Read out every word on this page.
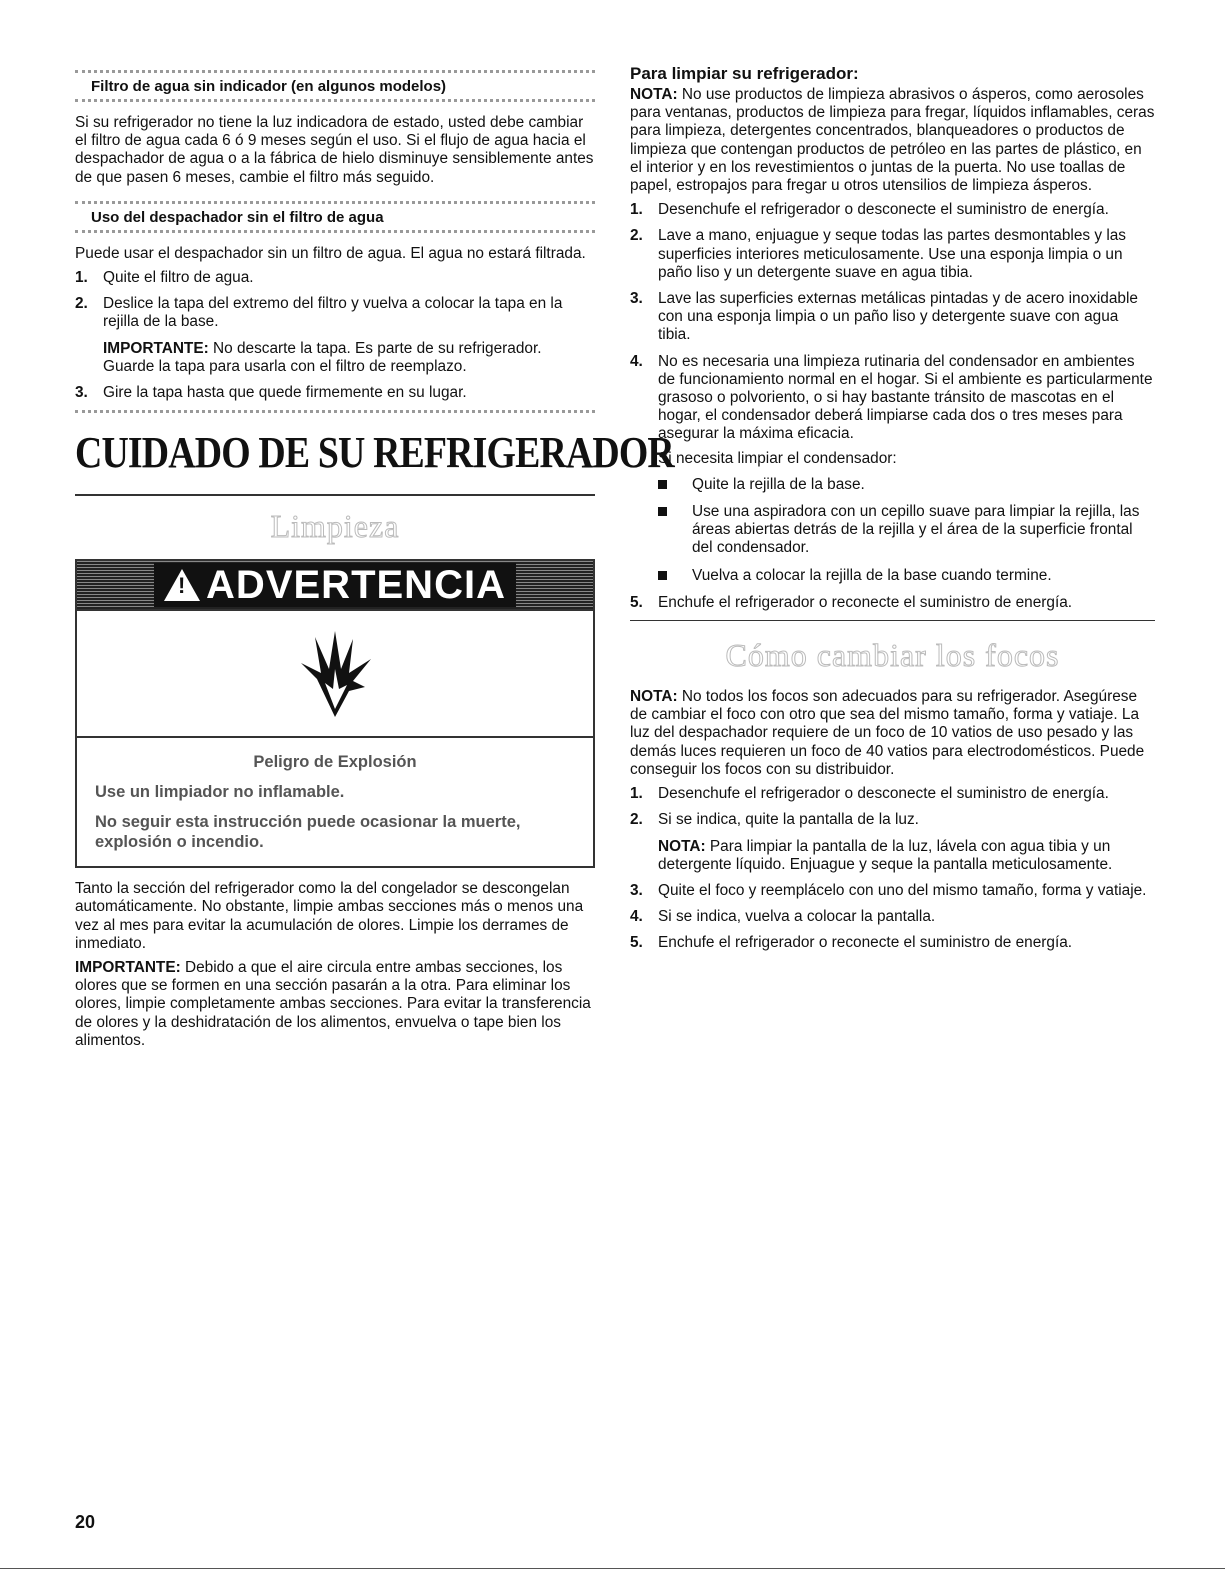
Filtro de agua sin indicador (en algunos modelos)

Si su refrigerador no tiene la luz indicadora de estado, usted debe cambiar el filtro de agua cada 6 ó 9 meses según el uso. Si el flujo de agua hacia el despachador de agua o a la fábrica de hielo disminuye sensiblemente antes de que pasen 6 meses, cambie el filtro más seguido.

Uso del despachador sin el filtro de agua

Puede usar el despachador sin un filtro de agua. El agua no estará filtrada.

1. Quite el filtro de agua.
2. Deslice la tapa del extremo del filtro y vuelva a colocar la tapa en la rejilla de la base.

IMPORTANTE: No descarte la tapa. Es parte de su refrigerador. Guarde la tapa para usarla con el filtro de reemplazo.

3. Gire la tapa hasta que quede firmemente en su lugar.
CUIDADO DE SU REFRIGERADOR
Limpieza
! ADVERTENCIA

Peligro de Explosión

Use un limpiador no inflamable.

No seguir esta instrucción puede ocasionar la muerte, explosión o incendio.

Tanto la sección del refrigerador como la del congelador se descongelan automáticamente. No obstante, limpie ambas secciones más o menos una vez al mes para evitar la acumulación de olores. Limpie los derrames de inmediato.

IMPORTANTE: Debido a que el aire circula entre ambas secciones, los olores que se formen en una sección pasarán a la otra. Para eliminar los olores, limpie completamente ambas secciones. Para evitar la transferencia de olores y la deshidratación de los alimentos, envuelva o tape bien los alimentos.

Para limpiar su refrigerador:

NOTA: No use productos de limpieza abrasivos o ásperos, como aerosoles para ventanas, productos de limpieza para fregar, líquidos inflamables, ceras para limpieza, detergentes concentrados, blanqueadores o productos de limpieza que contengan productos de petróleo en las partes de plástico, en el interior y en los revestimientos o juntas de la puerta. No use toallas de papel, estropajos para fregar u otros utensilios de limpieza ásperos.

1. Desenchufe el refrigerador o desconecte el suministro de energía.
2. Lave a mano, enjuague y seque todas las partes desmontables y las superficies interiores meticulosamente. Use una esponja limpia o un paño liso y un detergente suave en agua tibia.
3. Lave las superficies externas metálicas pintadas y de acero inoxidable con una esponja limpia o un paño liso y detergente suave con agua tibia.
4. No es necesaria una limpieza rutinaria del condensador en ambientes de funcionamiento normal en el hogar. Si el ambiente es particularmente grasoso o polvoriento, o si hay bastante tránsito de mascotas en el hogar, el condensador deberá limpiarse cada dos o tres meses para asegurar la máxima eficacia.

Si necesita limpiar el condensador:

Quite la rejilla de la base.
Use una aspiradora con un cepillo suave para limpiar la rejilla, las áreas abiertas detrás de la rejilla y el área de la superficie frontal del condensador.
Vuelva a colocar la rejilla de la base cuando termine.
5. Enchufe el refrigerador o reconecte el suministro de energía.
Cómo cambiar los focos

NOTA: No todos los focos son adecuados para su refrigerador. Asegúrese de cambiar el foco con otro que sea del mismo tamaño, forma y vatiaje. La luz del despachador requiere de un foco de 10 vatios de uso pesado y las demás luces requieren un foco de 40 vatios para electrodomésticos. Puede conseguir los focos con su distribuidor.

1. Desenchufe el refrigerador o desconecte el suministro de energía.
2. Si se indica, quite la pantalla de la luz.

NOTA: Para limpiar la pantalla de la luz, lávela con agua tibia y un detergente líquido. Enjuague y seque la pantalla meticulosamente.

3. Quite el foco y reemplácelo con uno del mismo tamaño, forma y vatiaje.
4. Si se indica, vuelva a colocar la pantalla.
5. Enchufe el refrigerador o reconecte el suministro de energía.
20
